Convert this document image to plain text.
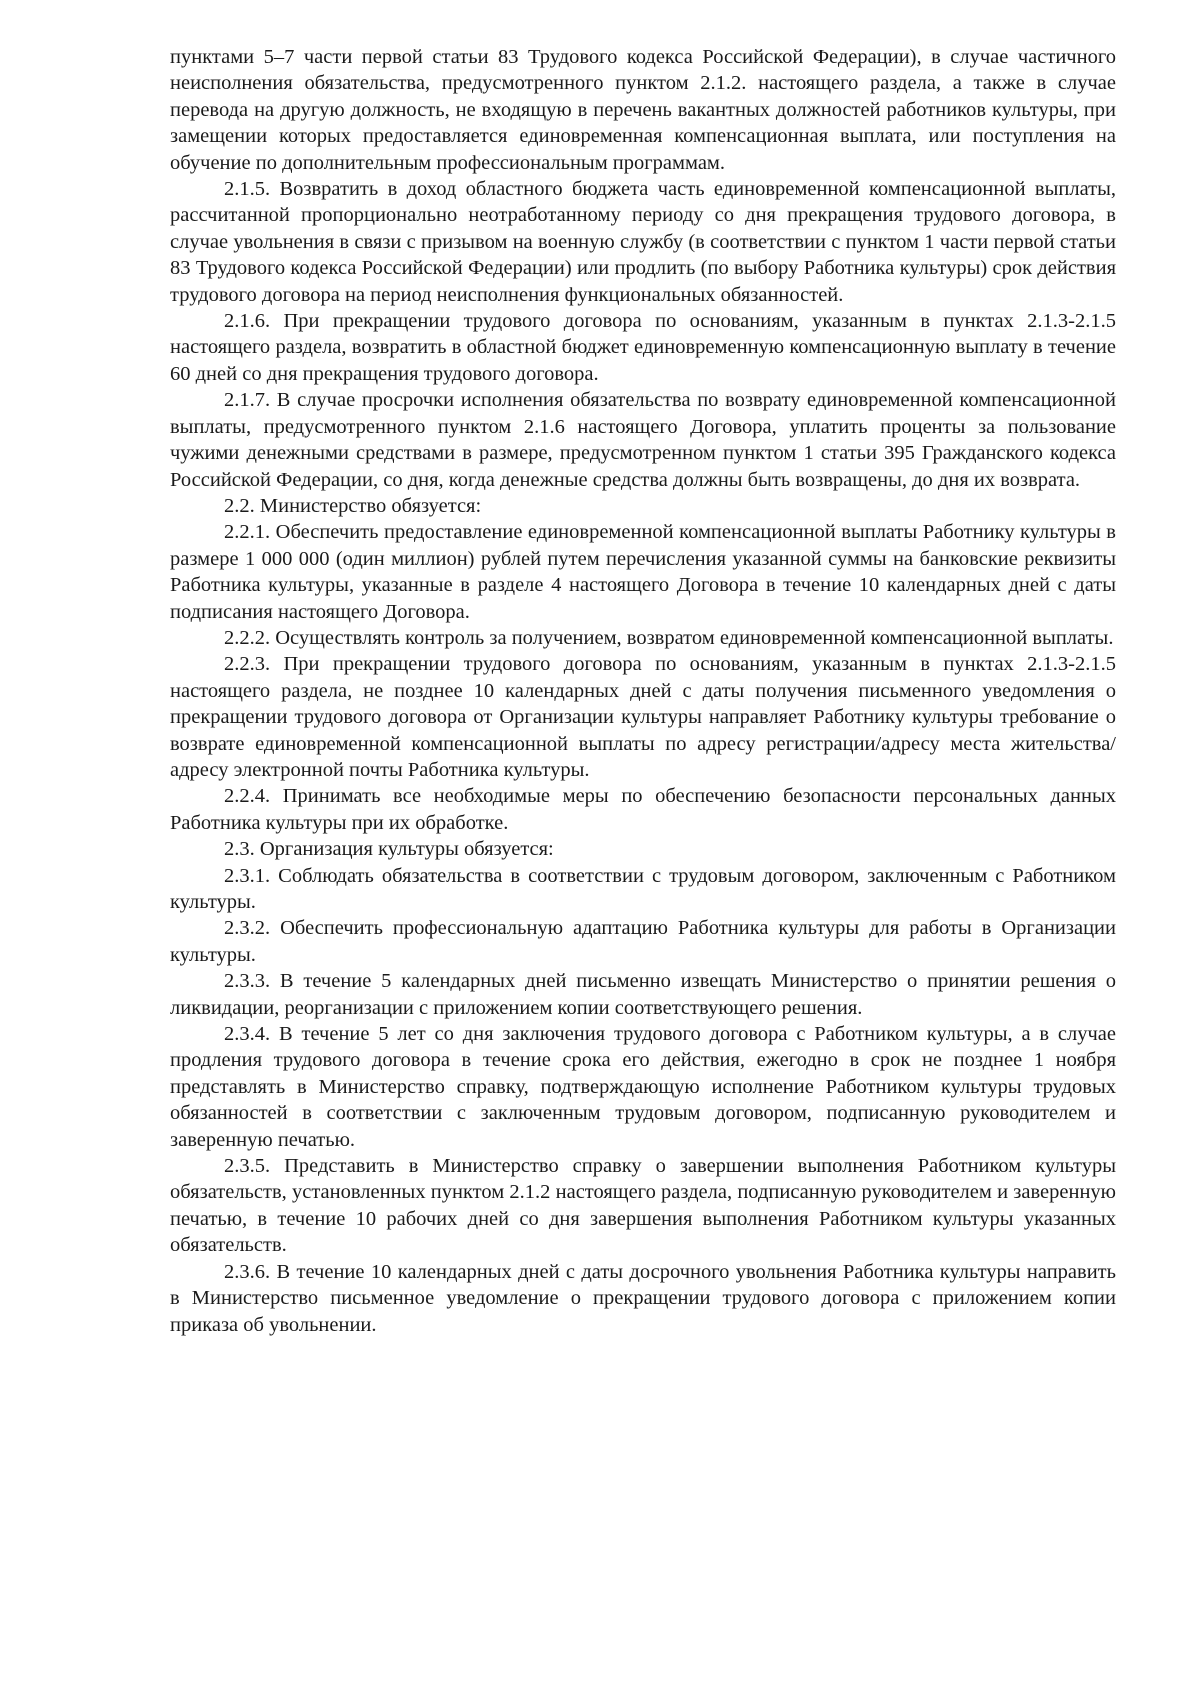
пунктами 5–7 части первой статьи 83 Трудового кодекса Российской Федерации), в случае частичного неисполнения обязательства, предусмотренного пунктом 2.1.2. настоящего раздела, а также в случае перевода на другую должность, не входящую в перечень вакантных должностей работников культуры, при замещении которых предоставляется единовременная компенсационная выплата, или поступления на обучение по дополнительным профессиональным программам.

2.1.5. Возвратить в доход областного бюджета часть единовременной компенсационной выплаты, рассчитанной пропорционально неотработанному периоду со дня прекращения трудового договора, в случае увольнения в связи с призывом на военную службу (в соответствии с пунктом 1 части первой статьи 83 Трудового кодекса Российской Федерации) или продлить (по выбору Работника культуры) срок действия трудового договора на период неисполнения функциональных обязанностей.

2.1.6. При прекращении трудового договора по основаниям, указанным в пунктах 2.1.3-2.1.5 настоящего раздела, возвратить в областной бюджет единовременную компенсационную выплату в течение 60 дней со дня прекращения трудового договора.

2.1.7. В случае просрочки исполнения обязательства по возврату единовременной компенсационной выплаты, предусмотренного пунктом 2.1.6 настоящего Договора, уплатить проценты за пользование чужими денежными средствами в размере, предусмотренном пунктом 1 статьи 395 Гражданского кодекса Российской Федерации, со дня, когда денежные средства должны быть возвращены, до дня их возврата.

2.2. Министерство обязуется:

2.2.1. Обеспечить предоставление единовременной компенсационной выплаты Работнику культуры в размере 1 000 000 (один миллион) рублей путем перечисления указанной суммы на банковские реквизиты Работника культуры, указанные в разделе 4 настоящего Договора в течение 10 календарных дней с даты подписания настоящего Договора.

2.2.2. Осуществлять контроль за получением, возвратом единовременной компенсационной выплаты.

2.2.3. При прекращении трудового договора по основаниям, указанным в пунктах 2.1.3-2.1.5 настоящего раздела, не позднее 10 календарных дней с даты получения письменного уведомления о прекращении трудового договора от Организации культуры направляет Работнику культуры требование о возврате единовременной компенсационной выплаты по адресу регистрации/адресу места жительства/адресу электронной почты Работника культуры.

2.2.4. Принимать все необходимые меры по обеспечению безопасности персональных данных Работника культуры при их обработке.

2.3. Организация культуры обязуется:

2.3.1. Соблюдать обязательства в соответствии с трудовым договором, заключенным с Работником культуры.

2.3.2. Обеспечить профессиональную адаптацию Работника культуры для работы в Организации культуры.

2.3.3. В течение 5 календарных дней письменно извещать Министерство о принятии решения о ликвидации, реорганизации с приложением копии соответствующего решения.

2.3.4. В течение 5 лет со дня заключения трудового договора с Работником культуры, а в случае продления трудового договора в течение срока его действия, ежегодно в срок не позднее 1 ноября представлять в Министерство справку, подтверждающую исполнение Работником культуры трудовых обязанностей в соответствии с заключенным трудовым договором, подписанную руководителем и заверенную печатью.

2.3.5. Представить в Министерство справку о завершении выполнения Работником культуры обязательств, установленных пунктом 2.1.2 настоящего раздела, подписанную руководителем и заверенную печатью, в течение 10 рабочих дней со дня завершения выполнения Работником культуры указанных обязательств.

2.3.6. В течение 10 календарных дней с даты досрочного увольнения Работника культуры направить в Министерство письменное уведомление о прекращении трудового договора с приложением копии приказа об увольнении.
